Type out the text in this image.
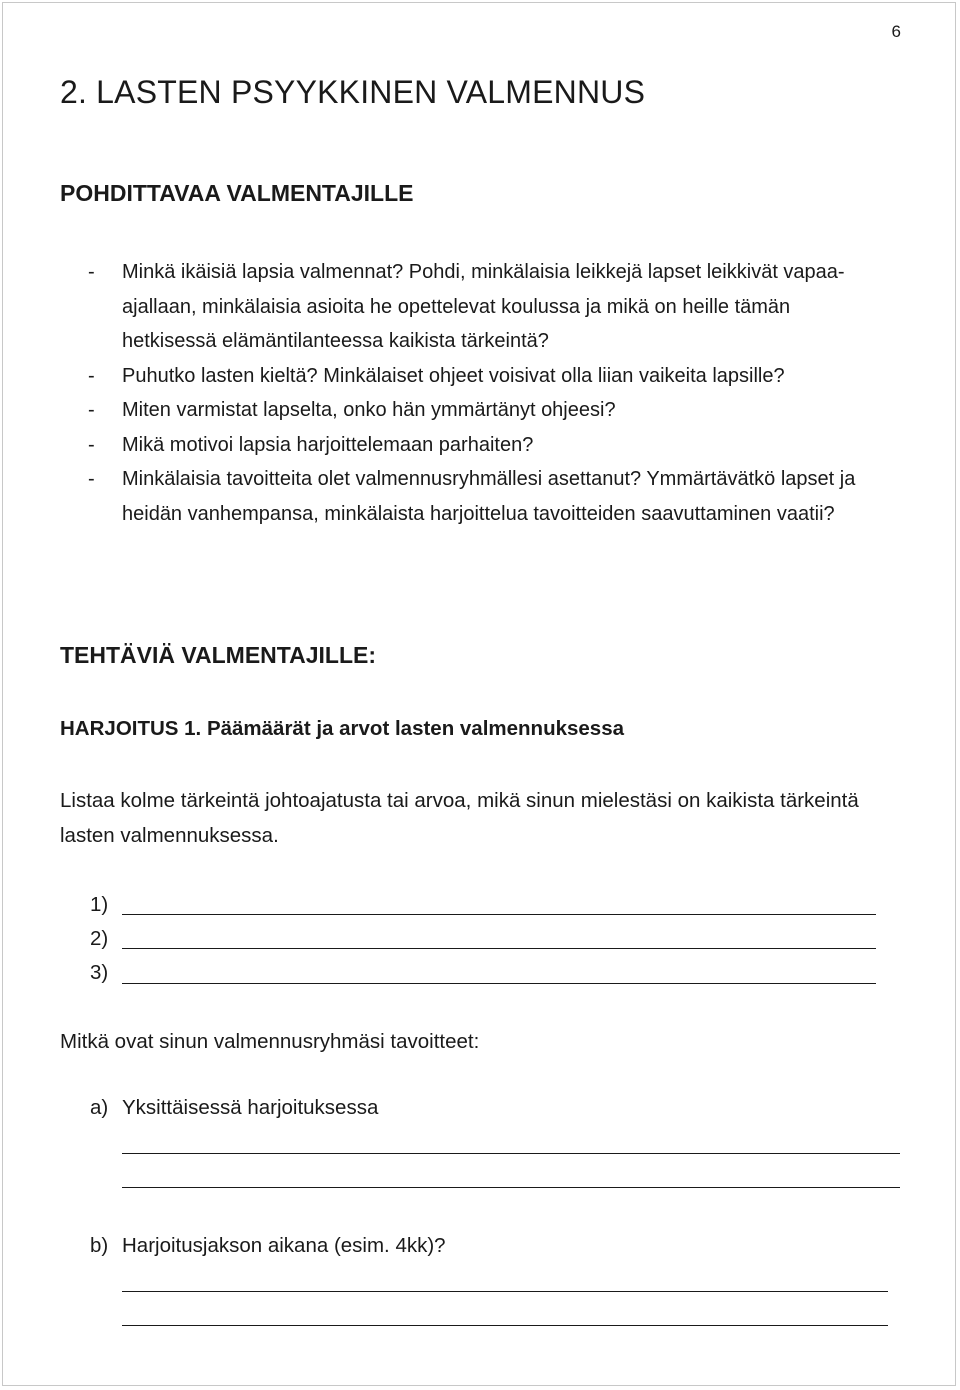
6
2. LASTEN PSYYKKINEN VALMENNUS
POHDITTAVAA VALMENTAJILLE
- Minkä ikäisiä lapsia valmennat? Pohdi, minkälaisia leikkejä lapset leikkivät vapaa-ajallaan, minkälaisia asioita he opettelevat koulussa ja mikä on heille tämän hetkisessä elämäntilanteessa kaikista tärkeintä?
- Puhutko lasten kieltä? Minkälaiset ohjeet voisivat olla liian vaikeita lapsille?
- Miten varmistat lapselta, onko hän ymmärtänyt ohjeesi?
- Mikä motivoi lapsia harjoittelemaan parhaiten?
- Minkälaisia tavoitteita olet valmennusryhmällesi asettanut? Ymmärtävätkö lapset ja heidän vanhempansa, minkälaista harjoittelua tavoitteiden saavuttaminen vaatii?
TEHTÄVIÄ VALMENTAJILLE:
HARJOITUS 1. Päämäärät ja arvot lasten valmennuksessa

Listaa kolme tärkeintä johtoajatusta tai arvoa, mikä sinun mielestäsi on kaikista tärkeintä lasten valmennuksessa.

1)
2)
3)

Mitkä ovat sinun valmennusryhmäsi tavoitteet:

a) Yksittäisessä harjoituksessa
b) Harjoitusjakson aikana (esim. 4kk)?
